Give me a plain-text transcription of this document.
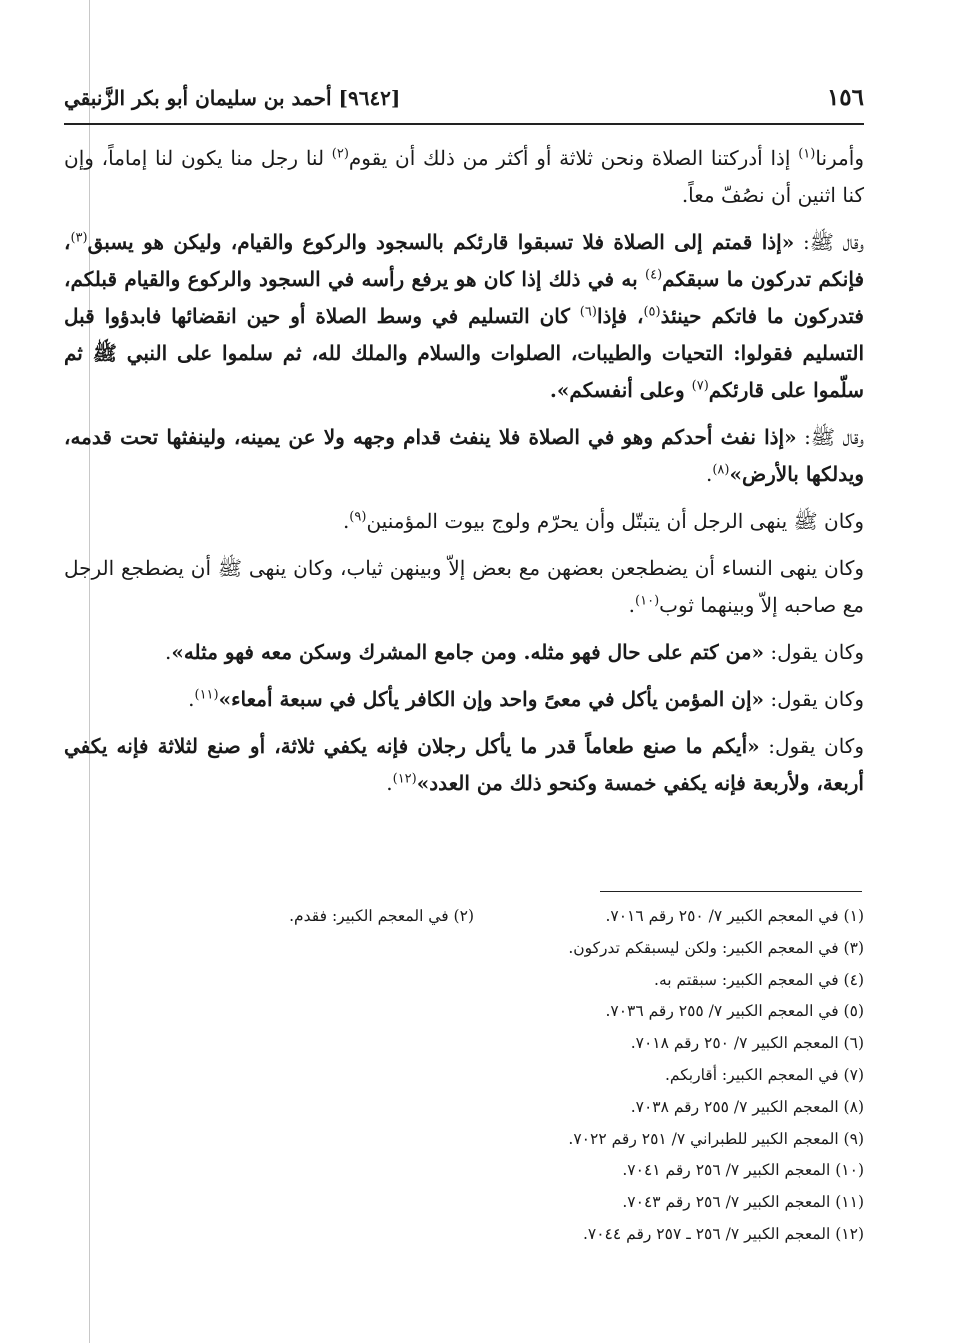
١٥٦
[٩٦٤٢] أحمد بن سليمان أبو بكر الزَّنبقي

وأمرنا$^{(١)}$ إذا أدركتنا الصلاة ونحن ثلاثة أو أكثر من ذلك أن يقوم$^{(٢)}$ لنا رجل منا يكون لنا إماماً، وإن كنا اثنين أن نصُفّ معاً.

وقال ﷺ: «إذا قمتم إلى الصلاة فلا تسبقوا قارئكم بالسجود والركوع والقيام، وليكن هو يسبق$^{(٣)}$، فإنكم تدركون ما سبقكم$^{(٤)}$ به في ذلك إذا كان هو يرفع رأسه في السجود والركوع والقيام قبلكم، فتدركون ما فاتكم حينئذ$^{(٥)}$، فإذا$^{(٦)}$ كان التسليم في وسط الصلاة أو حين انقضائها فابدؤوا قبل التسليم فقولوا: التحيات والطيبات، الصلوات والسلام والملك لله، ثم سلموا على النبي ﷺ ثم سلّموا على قارئكم$^{(٧)}$ وعلى أنفسكم».

وقال ﷺ: «إذا نفث أحدكم وهو في الصلاة فلا ينفث قدام وجهه ولا عن يمينه، ولينفثها تحت قدمه، ويدلكها بالأرض»$^{(٨)}$.

وكان ﷺ ينهى الرجل أن يتبتّل وأن يحرّم ولوج بيوت المؤمنين$^{(٩)}$.

وكان ينهى النساء أن يضطجعن بعضهن مع بعض إلاّ وبينهن ثياب، وكان ينهى ﷺ أن يضطجع الرجل مع صاحبه إلاّ وبينهما ثوب$^{(١٠)}$.

وكان يقول: «من كتم على حال فهو مثله. ومن جامع المشرك وسكن معه فهو مثله».

وكان يقول: «إن المؤمن يأكل في معىً واحد وإن الكافر يأكل في سبعة أمعاء»$^{(١١)}$.

وكان يقول: «أيكم ما صنع طعاماً قدر ما يأكل رجلان فإنه يكفي ثلاثة، أو صنع لثلاثة فإنه يكفي أربعة، ولأربعة فإنه يكفي خمسة وكنحو ذلك من العدد»$^{(١٢)}$.

(١) في المعجم الكبير ٧/ ٢٥٠ رقم ٧٠١٦.
(٢) في المعجم الكبير: فقدم.
(٣) في المعجم الكبير: ولكن ليسبقكم تدركون.
(٤) في المعجم الكبير: سبقتم به.
(٥) في المعجم الكبير ٧/ ٢٥٥ رقم ٧٠٣٦.
(٦) المعجم الكبير ٧/ ٢٥٠ رقم ٧٠١٨.
(٧) في المعجم الكبير: أقاربكم.
(٨) المعجم الكبير ٧/ ٢٥٥ رقم ٧٠٣٨.
(٩) المعجم الكبير للطبراني ٧/ ٢٥١ رقم ٧٠٢٢.
(١٠) المعجم الكبير ٧/ ٢٥٦ رقم ٧٠٤١.
(١١) المعجم الكبير ٧/ ٢٥٦ رقم ٧٠٤٣.
(١٢) المعجم الكبير ٧/ ٢٥٦ ـ ٢٥٧ رقم ٧٠٤٤.
